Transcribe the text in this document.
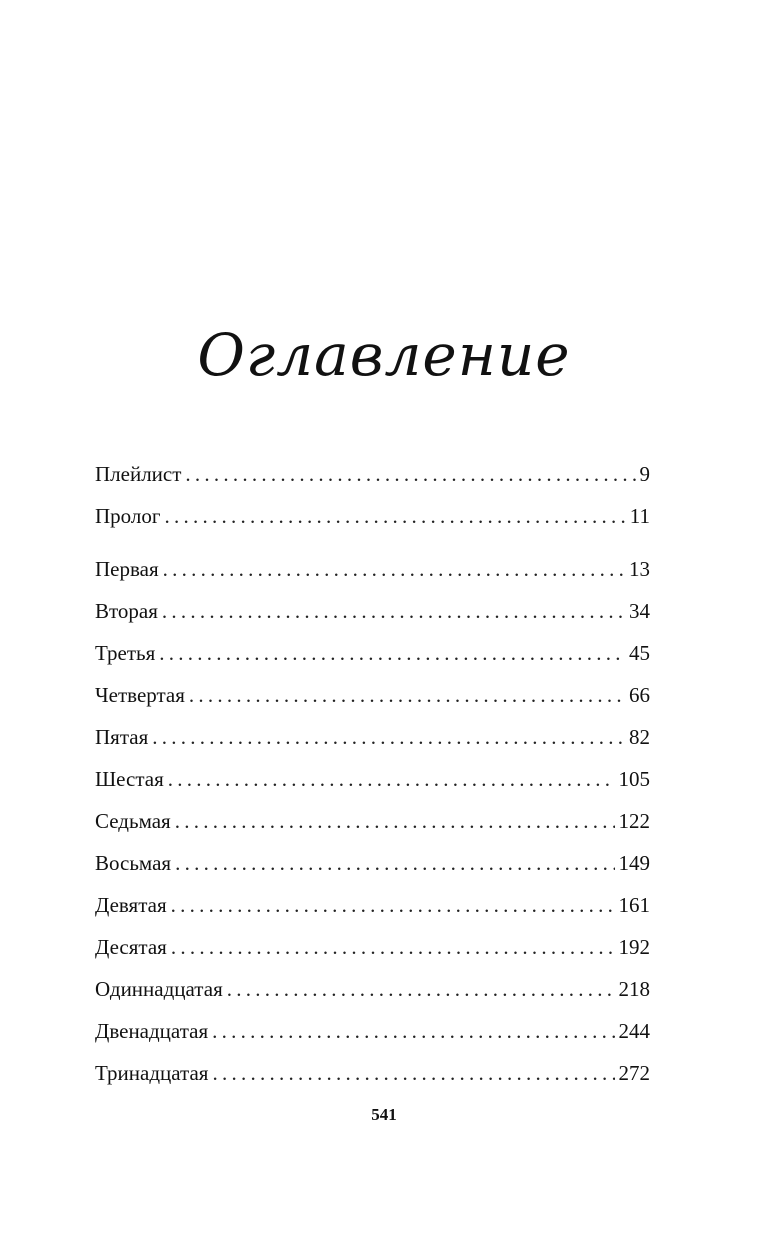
Оглавление
Плейлист . . .	9
Пролог . . .	11
Первая . . .	13
Вторая . . .	34
Третья . . .	45
Четвертая . . .	66
Пятая . . .	82
Шестая . . .	105
Седьмая . . .	122
Восьмая . . .	149
Девятая . . .	161
Десятая . . .	192
Одиннадцатая . . .	218
Двенадцатая . . .	244
Тринадцатая . . .	272
541
